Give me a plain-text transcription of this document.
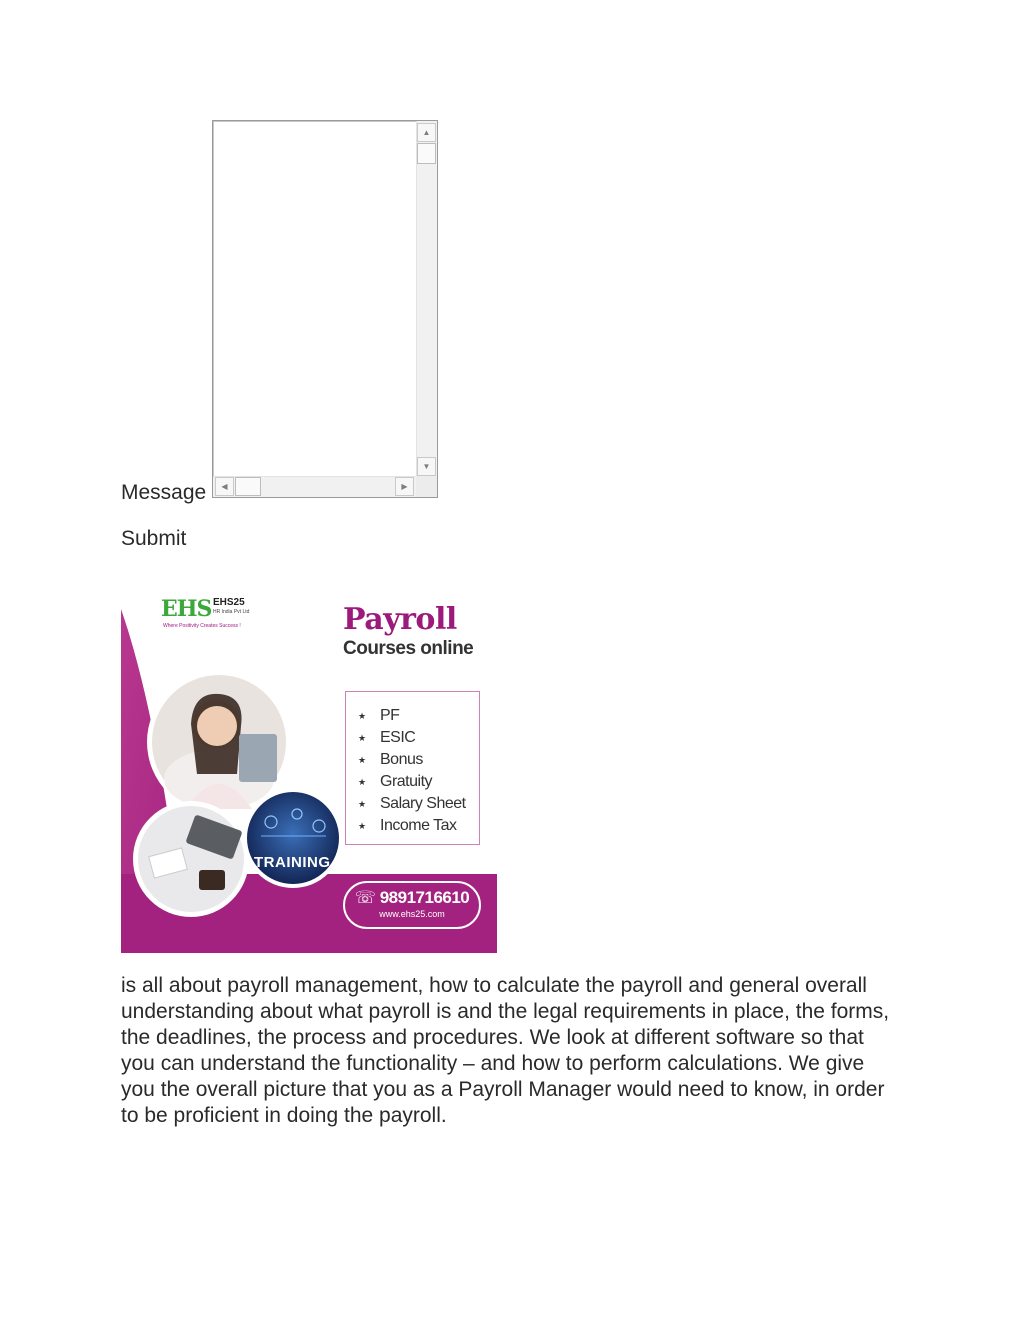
▲
▼
◀	▶
Message
Submit
EHS EHS25
HR India Pvt Ltd
Where Positivity Creates Success !	Payroll
Courses online
★ PF
★ ESIC
★ Bonus
★ Gratuity
★ Salary Sheet
★ Income Tax
TRAINING
☏ 9891716610
www.ehs25.com
is all about payroll management, how to calculate the payroll and general overall understanding about what payroll is and the legal requirements in place, the forms, the deadlines, the process and procedures. We look at different software so that you can understand the functionality – and how to perform calculations. We give you the overall picture that you as a Payroll Manager would need to know, in order to be proficient in doing the payroll.
